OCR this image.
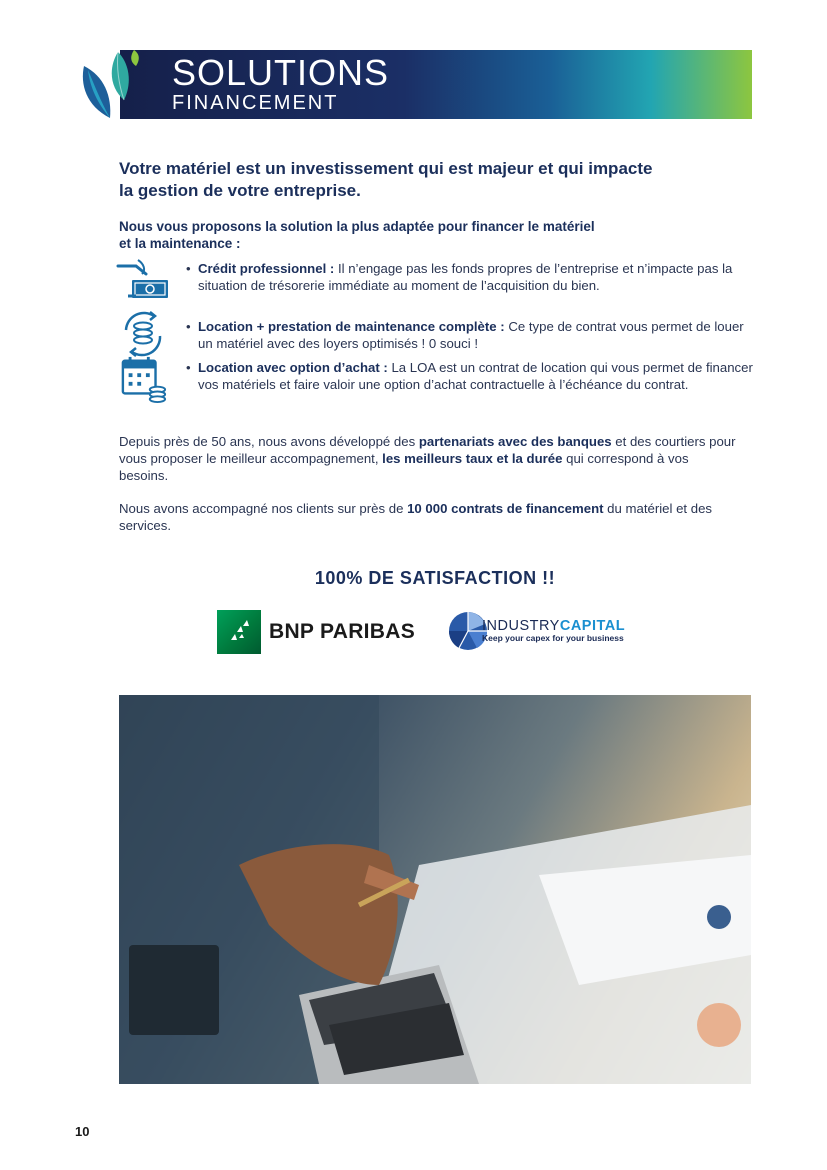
SOLUTIONS
FINANCEMENT
Votre matériel est un investissement qui est majeur et qui impacte
la gestion de votre entreprise.
Nous vous proposons la solution la plus adaptée pour financer le matériel
et la maintenance :
• Crédit professionnel : Il n’engage pas les fonds propres de l’entreprise et n’impacte pas la situation de trésorerie immédiate au moment de l’acquisition du bien.
• Location + prestation de maintenance complète : Ce type de contrat vous permet de louer un matériel avec des loyers optimisés ! 0 souci !
• Location avec option d’achat : La LOA est un contrat de location qui vous permet de financer vos matériels et faire valoir une option d’achat contractuelle à l’échéance du contrat.
Depuis près de 50 ans, nous avons développé des partenariats avec des banques et des courtiers pour vous proposer le meilleur accompagnement, les meilleurs taux et la durée qui correspond à vos besoins.
Nous avons accompagné nos clients sur près de 10 000 contrats de financement du matériel et des services.
100% DE SATISFACTION !!
BNP PARIBAS	INDUSTRYCAPITAL
Keep your capex for your business
10
